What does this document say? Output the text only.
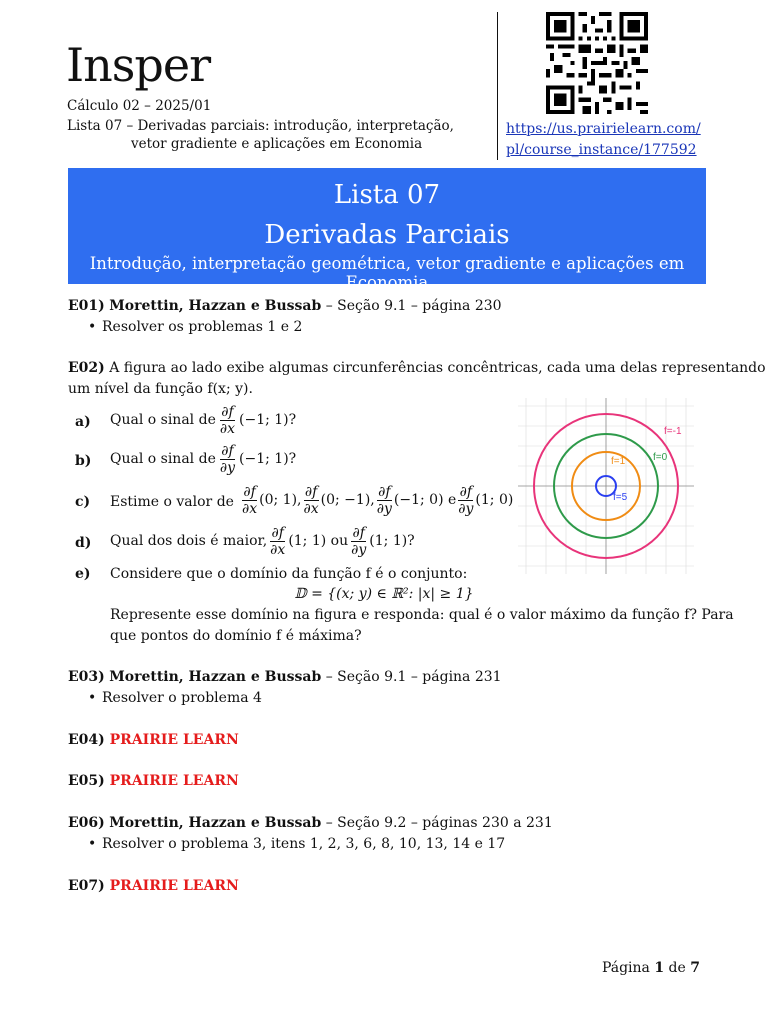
Insper
Cálculo 02 – 2025/01
Lista 07 – Derivadas parciais: introdução, interpretação,
vetor gradiente e aplicações em Economia
https://us.prairielearn.com/
pl/course_instance/177592
Lista 07
Derivadas Parciais
Introdução, interpretação geométrica, vetor gradiente e aplicações em Economia
E01) Morettin, Hazzan e Bussab – Seção 9.1 – página 230
• Resolver os problemas 1 e 2
E02) A figura ao lado exibe algumas circunferências concêntricas, cada uma delas representando
um nível da função f(x; y).
a) Qual o sinal de $\frac{\partial f}{\partial x} (-1$; 1)?
b) Qual o sinal de $\frac{\partial f}{\partial y} (-1$; 1)?
c) Estime o valor de $\frac{\partial f}{\partial x} (0$; 1), $\frac{\partial f}{\partial x} (0$; −1), $\frac{\partial f}{\partial y} (-1$; 0) e $\frac{\partial f}{\partial y} (1$; 0)
d) Qual dos dois é maior, $\frac{\partial f}{\partial x} (1$; 1) ou $\frac{\partial f}{\partial y} (1$; 1)?
e) Considere que o domínio da função f é o conjunto:
𝔻 = {(x; y) ∈ ℝ²: |x| ≥ 1}
Represente esse domínio na figura e responda: qual é o valor máximo da função f? Para
que pontos do domínio f é máxima?
f=-1
f=0
f=1
f=5
E03) Morettin, Hazzan e Bussab – Seção 9.1 – página 231
• Resolver o problema 4
E04) PRAIRIE LEARN
E05) PRAIRIE LEARN
E06) Morettin, Hazzan e Bussab – Seção 9.2 – páginas 230 a 231
• Resolver o problema 3, itens 1, 2, 3, 6, 8, 10, 13, 14 e 17
E07) PRAIRIE LEARN
Página 1 de 7
